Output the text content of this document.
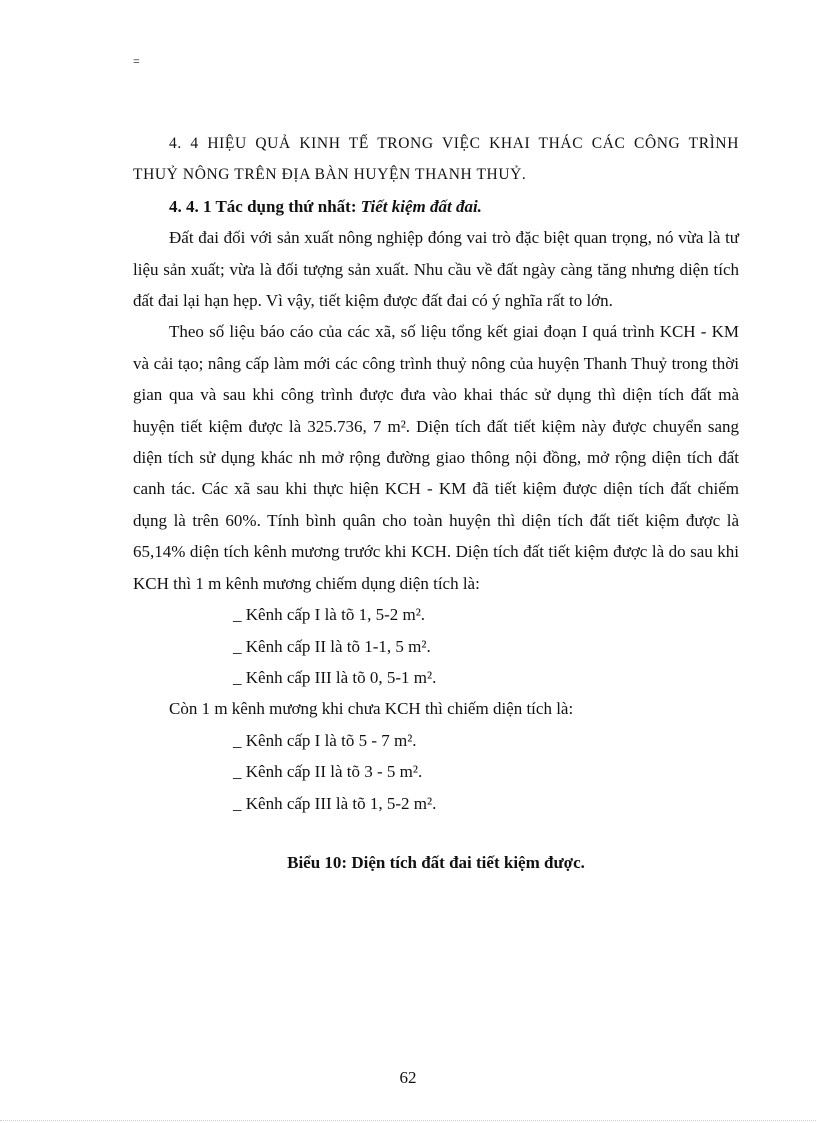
=

4. 4 HIỆU QUẢ KINH TẾ TRONG VIỆC KHAI THÁC CÁC CÔNG TRÌNH THUỶ NÔNG TRÊN ĐỊA BÀN HUYỆN THANH THUỶ.

4. 4. 1 Tác dụng thứ nhất: Tiết kiệm đất đai.

Đất đai đối với sản xuất nông nghiệp đóng vai trò đặc biệt quan trọng, nó vừa là tư liệu sản xuất; vừa là đối tượng sản xuất. Nhu cầu về đất ngày càng tăng nhưng diện tích đất đai lại hạn hẹp. Vì vậy, tiết kiệm được đất đai có ý nghĩa rất to lớn.

Theo số liệu báo cáo của các xã, số liệu tổng kết giai đoạn I quá trình KCH - KM và cải tạo; nâng cấp làm mới các công trình thuỷ nông của huyện Thanh Thuỷ trong thời gian qua và sau khi công trình được đưa vào khai thác sử dụng thì diện tích đất mà huyện tiết kiệm được là 325.736, 7 m². Diện tích đất tiết kiệm này được chuyển sang diện tích sử dụng khác nh mở rộng đường giao thông nội đồng, mở rộng diện tích đất canh tác. Các xã sau khi thực hiện KCH - KM đã tiết kiệm được diện tích đất chiếm dụng là trên 60%. Tính bình quân cho toàn huyện thì diện tích đất tiết kiệm được là 65,14% diện tích kênh mương trước khi KCH. Diện tích đất tiết kiệm được là do sau khi KCH thì 1 m kênh mương chiếm dụng diện tích là:

_ Kênh cấp I là tõ 1, 5-2 m².

_ Kênh cấp II là tõ 1-1, 5 m².

_ Kênh cấp III là tõ 0, 5-1 m².

Còn 1 m kênh mương khi chưa KCH thì chiếm diện tích là:

_ Kênh cấp I là tõ 5 - 7 m².

_ Kênh cấp II là tõ 3 - 5 m².

_ Kênh cấp III là tõ 1, 5-2 m².

Biểu 10: Diện tích đất đai tiết kiệm được.

62
